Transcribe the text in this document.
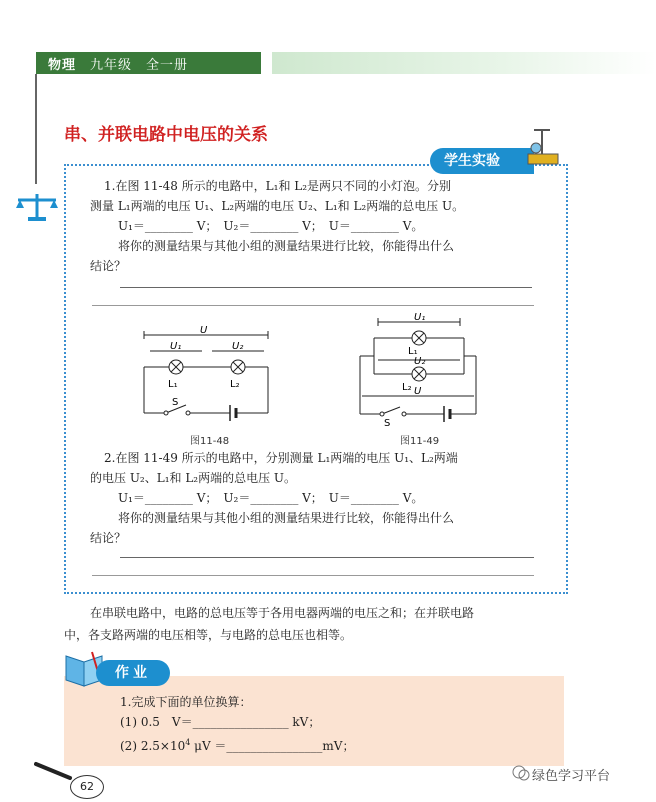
物理 九年级　全一册
串、并联电路中电压的关系
学生实验
1.在图 11-48 所示的电路中，L₁和 L₂是两只不同的小灯泡。分别
测量 L₁两端的电压 U₁、L₂两端的电压 U₂、L₁和 L₂两端的总电压 U。
U₁＝________ V；　U₂＝________ V；　U＝________ V。
将你的测量结果与其他小组的测量结果进行比较，你能得出什么
结论？
U
U₁	U₂
L₁	L₂
S
图11-48
U₁
L₁
U₂
L₂ U
S
图11-49
2.在图 11-49 所示的电路中，分别测量 L₁两端的电压 U₁、L₂两端
的电压 U₂、L₁和 L₂两端的总电压 U。
U₁＝________ V；　U₂＝________ V；　U＝________ V。
将你的测量结果与其他小组的测量结果进行比较，你能得出什么
结论？
在串联电路中，电路的总电压等于各用电器两端的电压之和；在并联电路
中，各支路两端的电压相等，与电路的总电压也相等。
作业
1.完成下面的单位换算：
(1) 0.5　V＝________________ kV；
(2) $2.5\times 10^4$ μV ＝________________mV；
62
绿色学习平台
